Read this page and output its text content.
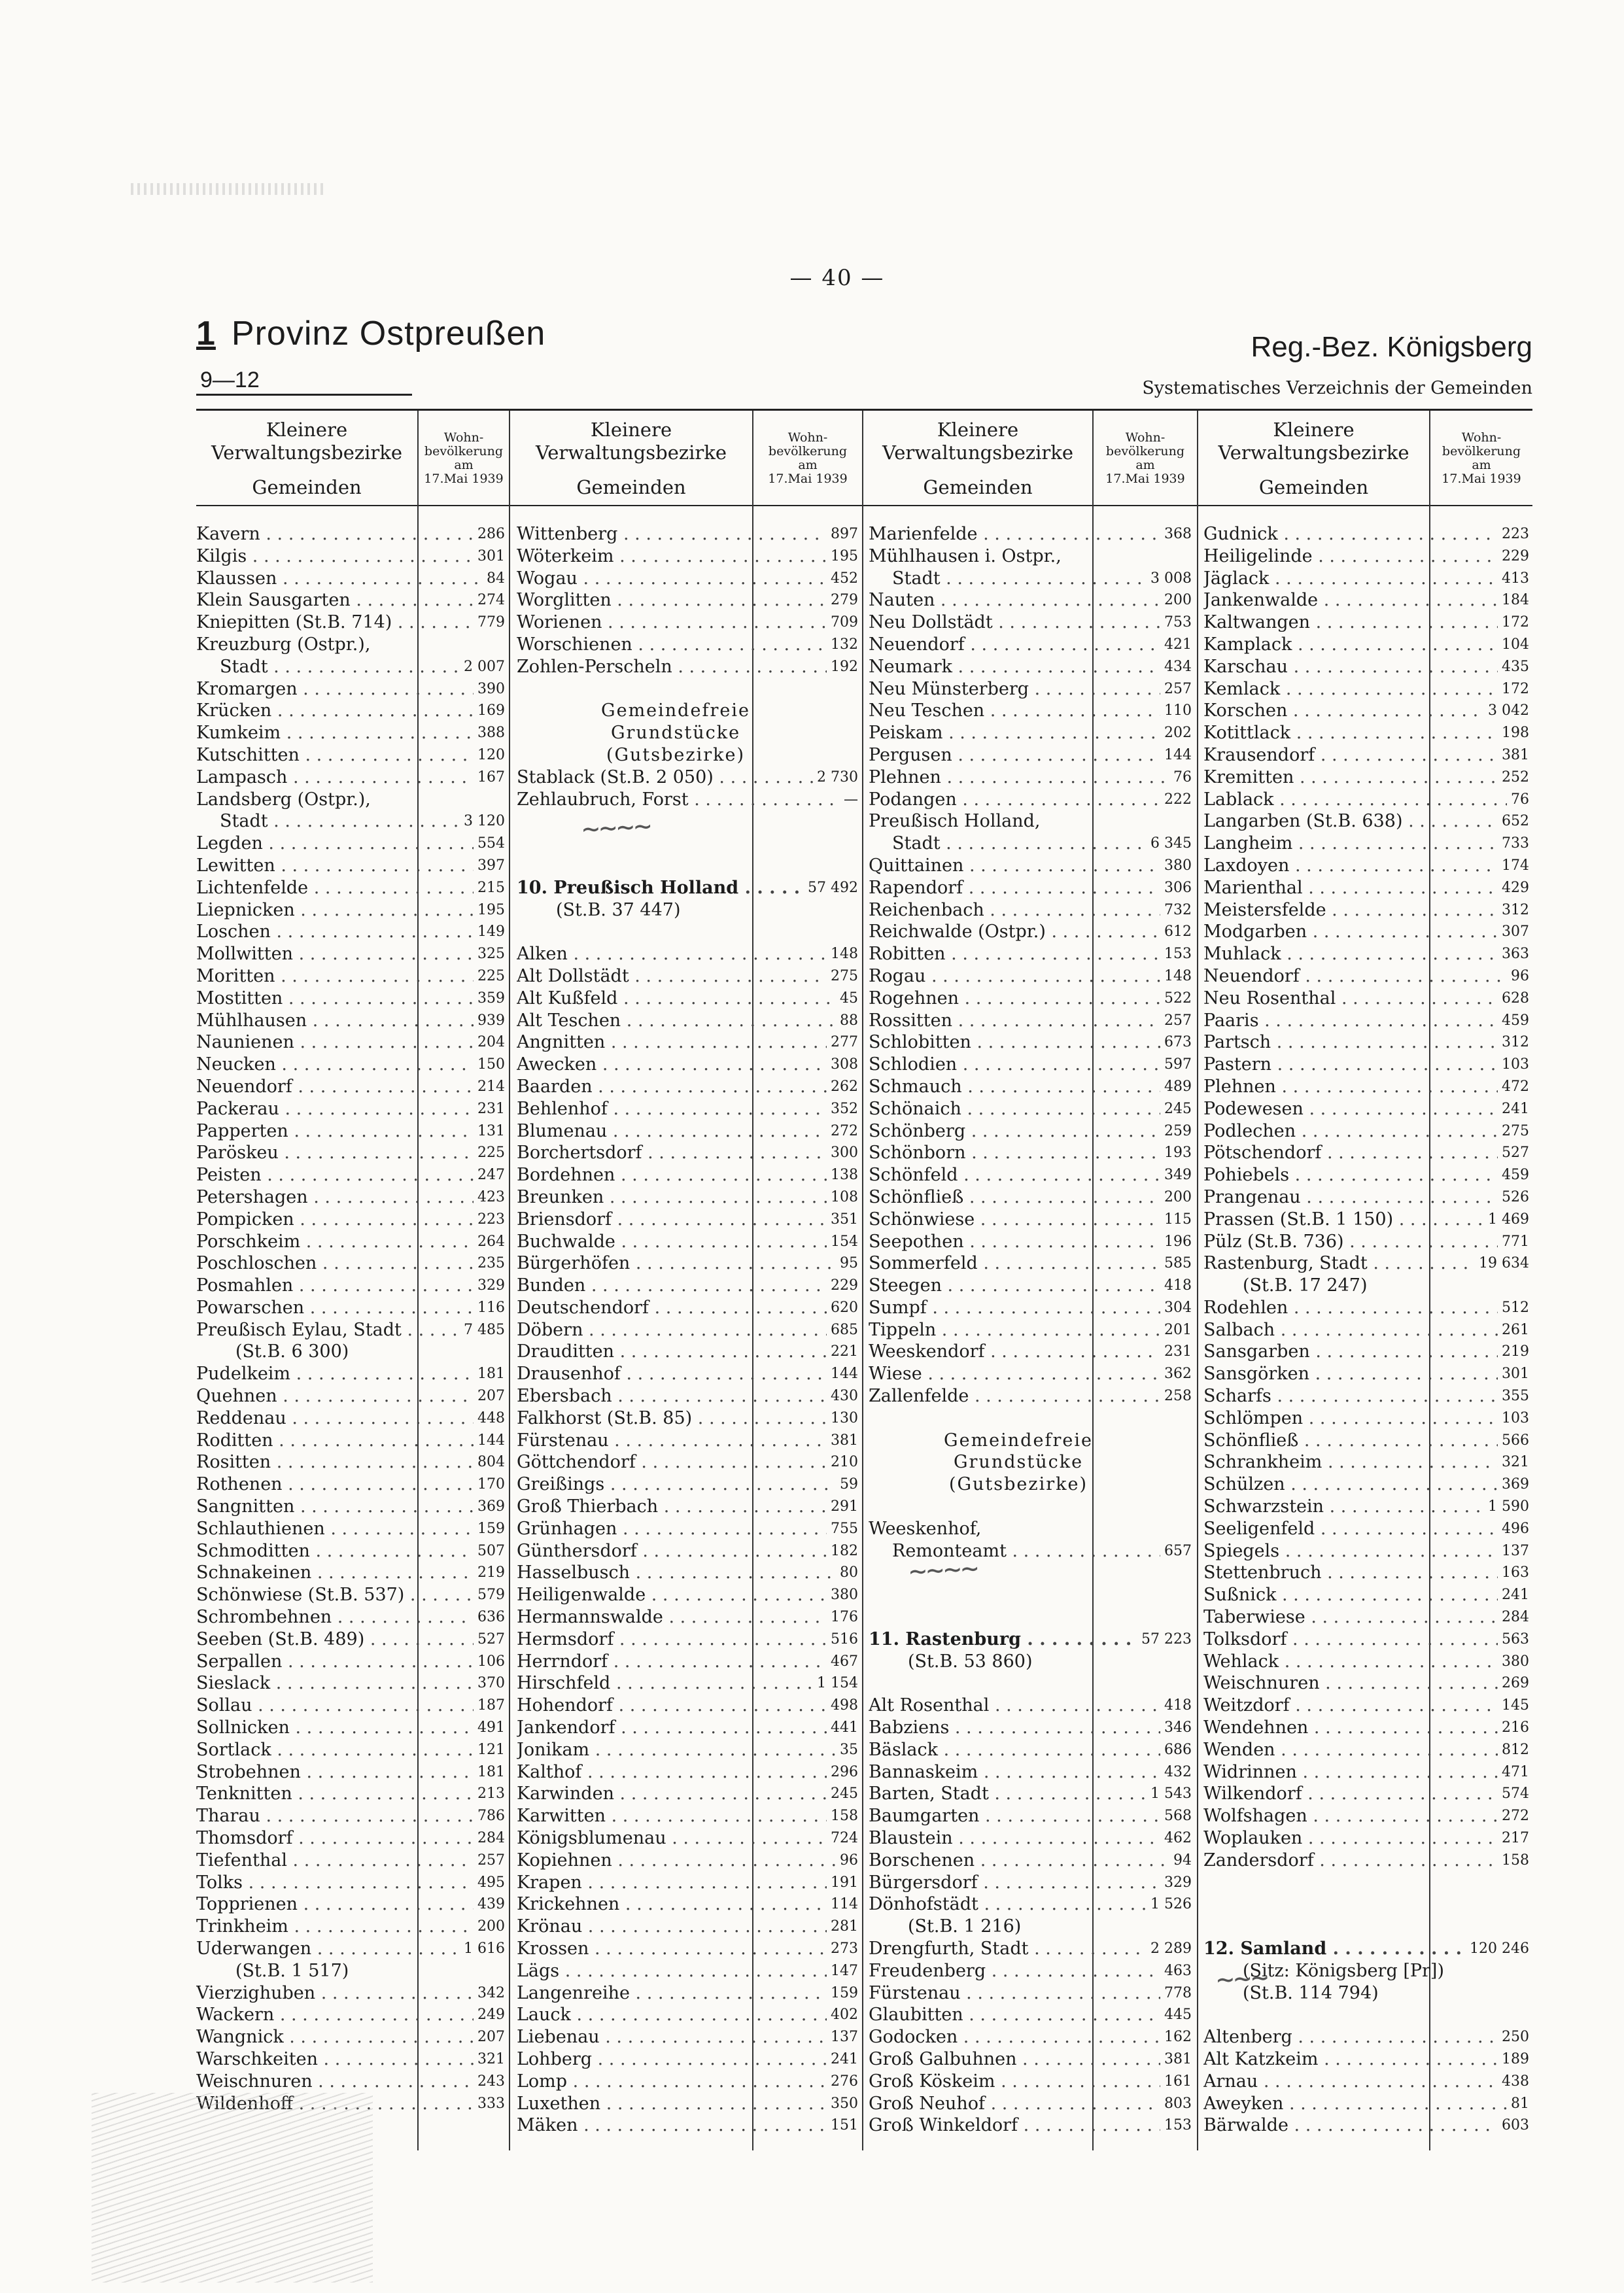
— 40 —
1 Provinz Ostpreußen
9—12
Reg.-Bez. Königsberg
Systematisches Verzeichnis der Gemeinden
Kleinere
Verwaltungsbezirke
Gemeinden
Wohn-
bevölkerung
am
17.Mai 1939
Kleinere
Verwaltungsbezirke
Gemeinden
Wohn-
bevölkerung
am
17.Mai 1939
Kleinere
Verwaltungsbezirke
Gemeinden
Wohn-
bevölkerung
am
17.Mai 1939
Kleinere
Verwaltungsbezirke
Gemeinden
Wohn-
bevölkerung
am
17.Mai 1939
Kavern . . .	286
Kilgis . . .	301
Klaussen . . .	84
Klein Sausgarten . . .	274
Kniepitten (St.B. 714) . . .	779
Kreuzburg (Ostpr.),
Stadt . . .	2 007
Kromargen . . .	390
Krücken . . .	169
Kumkeim . . .	388
Kutschitten . . .	120
Lampasch . . .	167
Landsberg (Ostpr.),
Stadt . . .	3 120
Legden . . .	554
Lewitten . . .	397
Lichtenfelde . . .	215
Liepnicken . . .	195
Loschen . . .	149
Mollwitten . . .	325
Moritten . . .	225
Mostitten . . .	359
Mühlhausen . . .	939
Naunienen . . .	204
Neucken . . .	150
Neuendorf . . .	214
Packerau . . .	231
Papperten . . .	131
Paröskeu . . .	225
Peisten . . .	247
Petershagen . . .	423
Pompicken . . .	223
Porschkeim . . .	264
Poschloschen . . .	235
Posmahlen . . .	329
Powarschen . . .	116
Preußisch Eylau, Stadt . . .	7 485
(St.B. 6 300)
Pudelkeim . . .	181
Quehnen . . .	207
Reddenau . . .	448
Roditten . . .	144
Rositten . . .	804
Rothenen . . .	170
Sangnitten . . .	369
Schlauthienen . . .	159
Schmoditten . . .	507
Schnakeinen . . .	219
Schönwiese (St.B. 537) . . .	579
Schrombehnen . . .	636
Seeben (St.B. 489) . . .	527
Serpallen . . .	106
Sieslack . . .	370
Sollau . . .	187
Sollnicken . . .	491
Sortlack . . .	121
Strobehnen . . .	181
Tenknitten . . .	213
Tharau . . .	786
Thomsdorf . . .	284
Tiefenthal . . .	257
Tolks . . .	495
Topprienen . . .	439
Trinkheim . . .	200
Uderwangen . . .	1 616
(St.B. 1 517)
Vierzighuben . . .	342
Wackern . . .	249
Wangnick . . .	207
Warschkeiten . . .	321
Weischnuren . . .	243
Wildenhoff . . .	333
Wittenberg . . .	897
Wöterkeim . . .	195
Wogau . . .	452
Worglitten . . .	279
Worienen . . .	709
Worschienen . . .	132
Zohlen-Perscheln . . .	192
Gemeindefreie
Grundstücke
(Gutsbezirke)
Stablack (St.B. 2 050) . . .	2 730
Zehlaubruch, Forst . . .	—
10. Preußisch Holland . . .	57 492
(St.B. 37 447)
Alken . . .	148
Alt Dollstädt . . .	275
Alt Kußfeld . . .	45
Alt Teschen . . .	88
Angnitten . . .	277
Awecken . . .	308
Baarden . . .	262
Behlenhof . . .	352
Blumenau . . .	272
Borchertsdorf . . .	300
Bordehnen . . .	138
Breunken . . .	108
Briensdorf . . .	351
Buchwalde . . .	154
Bürgerhöfen . . .	95
Bunden . . .	229
Deutschendorf . . .	620
Döbern . . .	685
Drauditten . . .	221
Drausenhof . . .	144
Ebersbach . . .	430
Falkhorst (St.B. 85) . . .	130
Fürstenau . . .	381
Göttchendorf . . .	210
Greißings . . .	59
Groß Thierbach . . .	291
Grünhagen . . .	755
Günthersdorf . . .	182
Hasselbusch . . .	80
Heiligenwalde . . .	380
Hermannswalde . . .	176
Hermsdorf . . .	516
Herrndorf . . .	467
Hirschfeld . . .	1 154
Hohendorf . . .	498
Jankendorf . . .	441
Jonikam . . .	35
Kalthof . . .	296
Karwinden . . .	245
Karwitten . . .	158
Königsblumenau . . .	724
Kopiehnen . . .	96
Krapen . . .	191
Krickehnen . . .	114
Krönau . . .	281
Krossen . . .	273
Lägs . . .	147
Langenreihe . . .	159
Lauck . . .	402
Liebenau . . .	137
Lohberg . . .	241
Lomp . . .	276
Luxethen . . .	350
Mäken . . .	151
Marienfelde . . .	368
Mühlhausen i. Ostpr.,
Stadt . . .	3 008
Nauten . . .	200
Neu Dollstädt . . .	753
Neuendorf . . .	421
Neumark . . .	434
Neu Münsterberg . . .	257
Neu Teschen . . .	110
Peiskam . . .	202
Pergusen . . .	144
Plehnen . . .	76
Podangen . . .	222
Preußisch Holland,
Stadt . . .	6 345
Quittainen . . .	380
Rapendorf . . .	306
Reichenbach . . .	732
Reichwalde (Ostpr.) . . .	612
Robitten . . .	153
Rogau . . .	148
Rogehnen . . .	522
Rossitten . . .	257
Schlobitten . . .	673
Schlodien . . .	597
Schmauch . . .	489
Schönaich . . .	245
Schönberg . . .	259
Schönborn . . .	193
Schönfeld . . .	349
Schönfließ . . .	200
Schönwiese . . .	115
Seepothen . . .	196
Sommerfeld . . .	585
Steegen . . .	418
Sumpf . . .	304
Tippeln . . .	201
Weeskendorf . . .	231
Wiese . . .	362
Zallenfelde . . .	258
Gemeindefreie
Grundstücke
(Gutsbezirke)
Weeskenhof,
Remonteamt . . .	657
11. Rastenburg . . .	57 223
(St.B. 53 860)
Alt Rosenthal . . .	418
Babziens . . .	346
Bäslack . . .	686
Bannaskeim . . .	432
Barten, Stadt . . .	1 543
Baumgarten . . .	568
Blaustein . . .	462
Borschenen . . .	94
Bürgersdorf . . .	329
Dönhofstädt . . .	1 526
(St.B. 1 216)
Drengfurth, Stadt . . .	2 289
Freudenberg . . .	463
Fürstenau . . .	778
Glaubitten . . .	445
Godocken . . .	162
Groß Galbuhnen . . .	381
Groß Köskeim . . .	161
Groß Neuhof . . .	803
Groß Winkeldorf . . .	153
Gudnick . . .	223
Heiligelinde . . .	229
Jäglack . . .	413
Jankenwalde . . .	184
Kaltwangen . . .	172
Kamplack . . .	104
Karschau . . .	435
Kemlack . . .	172
Korschen . . .	3 042
Kotittlack . . .	198
Krausendorf . . .	381
Kremitten . . .	252
Lablack . . .	76
Langarben (St.B. 638) . . .	652
Langheim . . .	733
Laxdoyen . . .	174
Marienthal . . .	429
Meistersfelde . . .	312
Modgarben . . .	307
Muhlack . . .	363
Neuendorf . . .	96
Neu Rosenthal . . .	628
Paaris . . .	459
Partsch . . .	312
Pastern . . .	103
Plehnen . . .	472
Podewesen . . .	241
Podlechen . . .	275
Pötschendorf . . .	527
Pohiebels . . .	459
Prangenau . . .	526
Prassen (St.B. 1 150) . . .	1 469
Pülz (St.B. 736) . . .	771
Rastenburg, Stadt . . .	19 634
(St.B. 17 247)
Rodehlen . . .	512
Salbach . . .	261
Sansgarben . . .	219
Sansgörken . . .	301
Scharfs . . .	355
Schlömpen . . .	103
Schönfließ . . .	566
Schrankheim . . .	321
Schülzen . . .	369
Schwarzstein . . .	1 590
Seeligenfeld . . .	496
Spiegels . . .	137
Stettenbruch . . .	163
Sußnick . . .	241
Taberwiese . . .	284
Tolksdorf . . .	563
Wehlack . . .	380
Weischnuren . . .	269
Weitzdorf . . .	145
Wendehnen . . .	216
Wenden . . .	812
Widrinnen . . .	471
Wilkendorf . . .	574
Wolfshagen . . .	272
Woplauken . . .	217
Zandersdorf . . .	158
12. Samland . . .	120 246
(Sitz: Königsberg [Pr])
(St.B. 114 794)
Altenberg . . .	250
Alt Katzkeim . . .	189
Arnau . . .	438
Aweyken . . .	81
Bärwalde . . .	603
~~~~
~~~~
~~~
